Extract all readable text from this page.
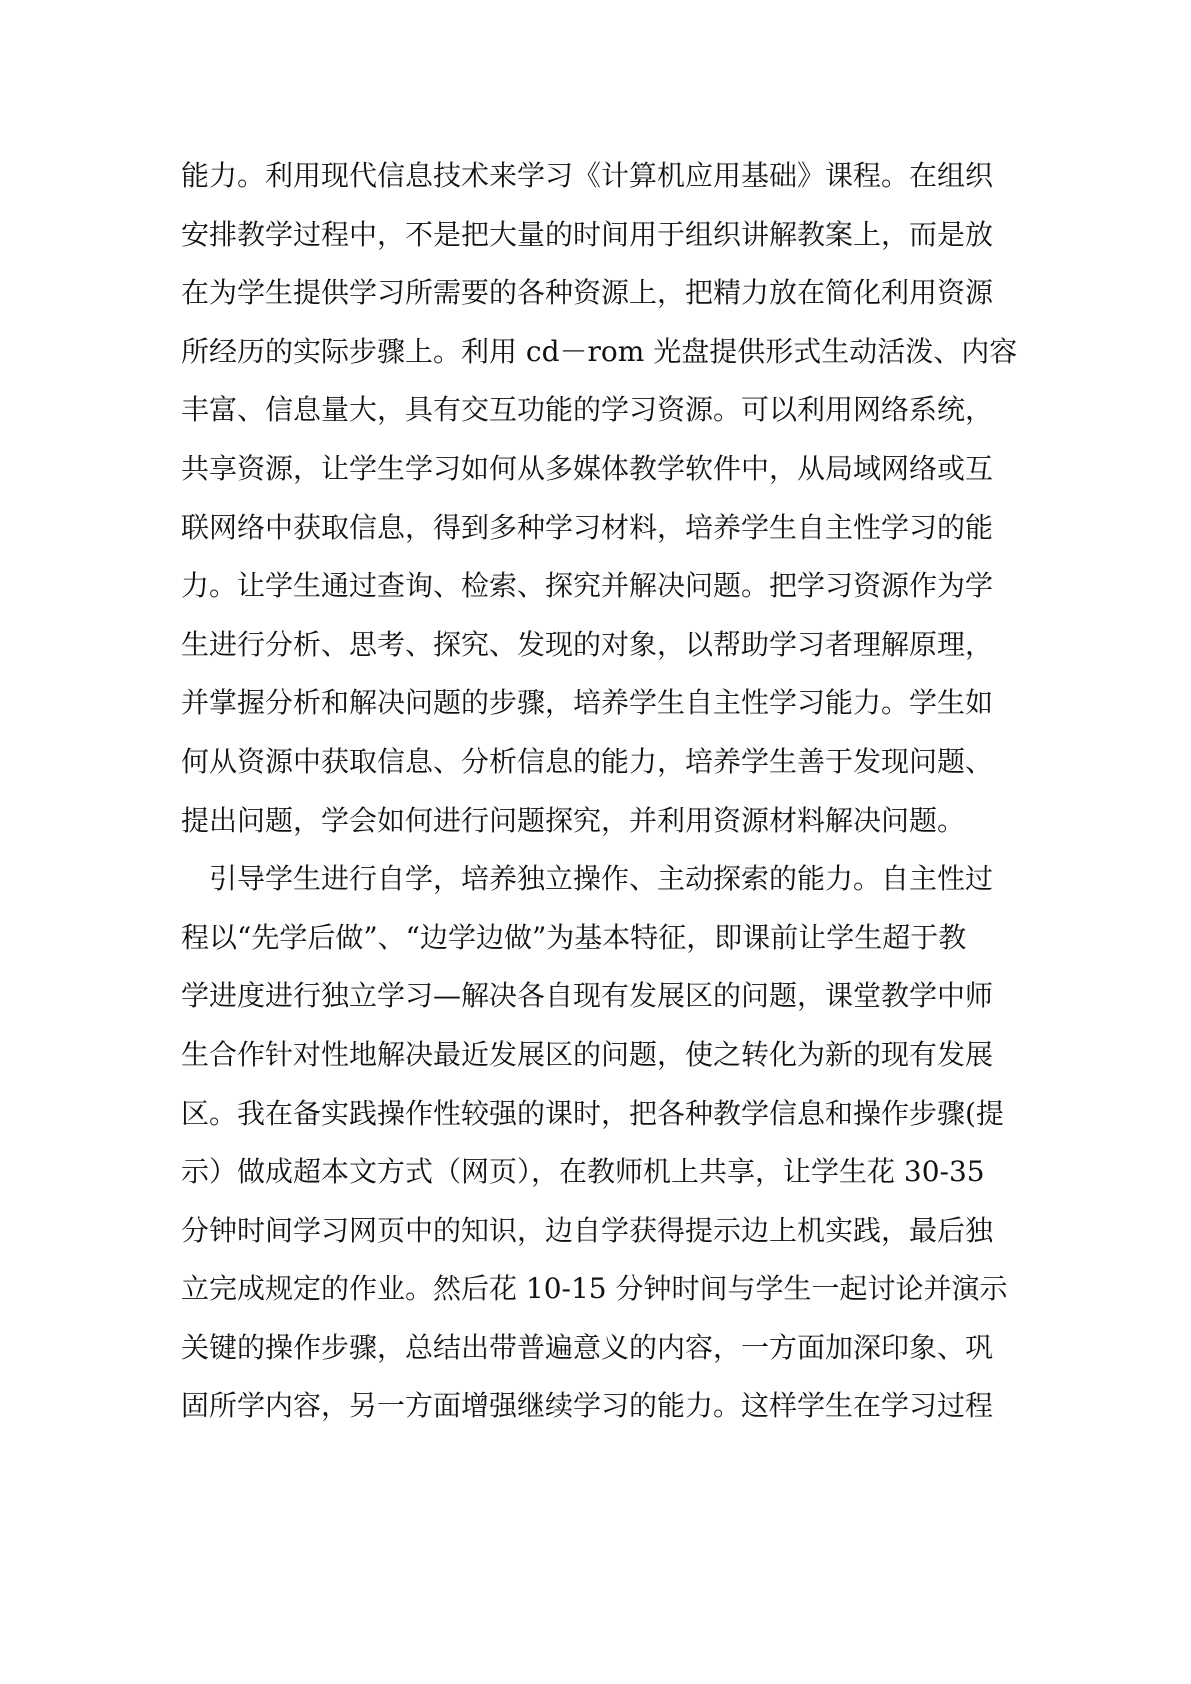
能力。利用现代信息技术来学习《计算机应用基础》课程。在组织
安排教学过程中，不是把大量的时间用于组织讲解教案上，而是放
在为学生提供学习所需要的各种资源上，把精力放在简化利用资源
所经历的实际步骤上。利用 cd－rom 光盘提供形式生动活泼、内容
丰富、信息量大，具有交互功能的学习资源。可以利用网络系统，
共享资源，让学生学习如何从多媒体教学软件中，从局域网络或互
联网络中获取信息，得到多种学习材料，培养学生自主性学习的能
力。让学生通过查询、检索、探究并解决问题。把学习资源作为学
生进行分析、思考、探究、发现的对象，以帮助学习者理解原理，
并掌握分析和解决问题的步骤，培养学生自主性学习能力。学生如
何从资源中获取信息、分析信息的能力，培养学生善于发现问题、
提出问题，学会如何进行问题探究，并利用资源材料解决问题。
引导学生进行自学，培养独立操作、主动探索的能力。自主性过
程以“先学后做”、“边学边做”为基本特征，即课前让学生超于教
学进度进行独立学习—解决各自现有发展区的问题，课堂教学中师
生合作针对性地解决最近发展区的问题，使之转化为新的现有发展
区。我在备实践操作性较强的课时，把各种教学信息和操作步骤(提
示）做成超本文方式（网页），在教师机上共享，让学生花 30-35
分钟时间学习网页中的知识，边自学获得提示边上机实践，最后独
立完成规定的作业。然后花 10-15 分钟时间与学生一起讨论并演示
关键的操作步骤，总结出带普遍意义的内容，一方面加深印象、巩
固所学内容，另一方面增强继续学习的能力。这样学生在学习过程
